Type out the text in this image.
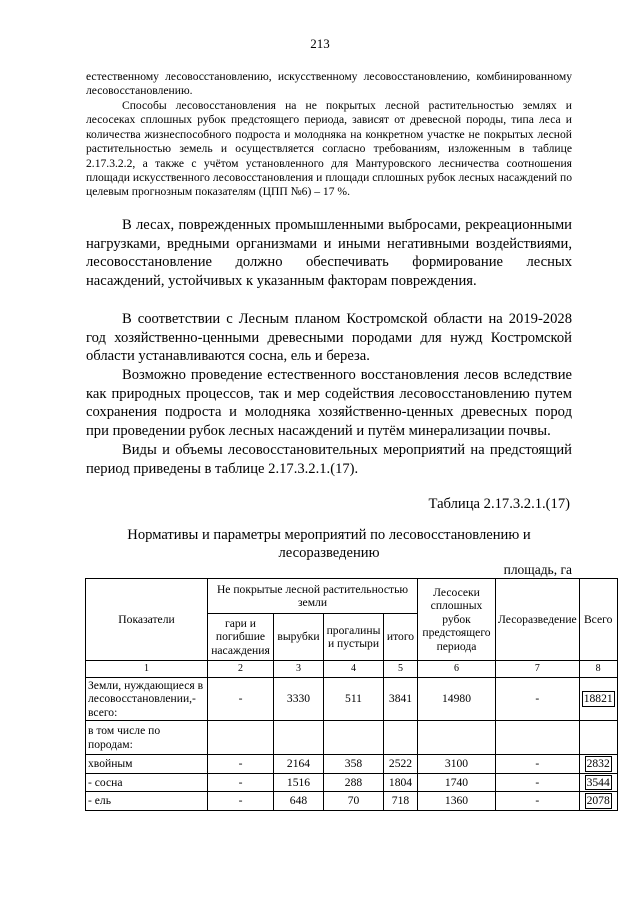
213

естественному лесовосстановлению, искусственному лесовосстановлению, комбинированному лесовосстановлению.

Способы лесовосстановления на не покрытых лесной растительностью землях и лесосеках сплошных рубок предстоящего периода, зависят от древесной породы, типа леса и количества жизнеспособного подроста и молодняка на конкретном участке не покрытых лесной растительностью земель и осуществляется согласно требованиям, изложенным в таблице 2.17.3.2.2, а также с учётом установленного для Мантуровского лесничества соотношения площади искусственного лесовосстановления и площади сплошных рубок лесных насаждений по целевым прогнозным показателям (ЦПП №6) – 17 %.

В лесах, поврежденных промышленными выбросами, рекреационными нагрузками, вредными организмами и иными негативными воздействиями, лесовосстановление должно обеспечивать формирование лесных насаждений, устойчивых к указанным факторам повреждения.

В соответствии с Лесным планом Костромской области на 2019-2028 год хозяйственно-ценными древесными породами для нужд Костромской области устанавливаются сосна, ель и береза.

Возможно проведение естественного восстановления лесов вследствие как природных процессов, так и мер содействия лесовосстановлению путем сохранения подроста и молодняка хозяйственно-ценных древесных пород при проведении рубок лесных насаждений и путём минерализации почвы.

Виды и объемы лесовосстановительных мероприятий на предстоящий период приведены в таблице 2.17.3.2.1.(17).

Таблица 2.17.3.2.1.(17)
Нормативы и параметры мероприятий по лесовосстановлению и лесоразведению
площадь, га
Показатели	Не покрытые лесной растительностью земли				Лесосеки сплошных рубок предстоящего периода	Лесоразведение	Всего
	гари и погибшие насаждения	вырубки	прогалины и пустыри	итого			
1	2	3	4	5	6	7	8
Земли, нуждающиеся в лесовосстановлении,-всего:	-	3330	511	3841	14980	-	18821
в том числе по породам:							
хвойным	-	2164	358	2522	3100	-	2832
- сосна	-	1516	288	1804	1740	-	3544
- ель	-	648	70	718	1360	-	2078
